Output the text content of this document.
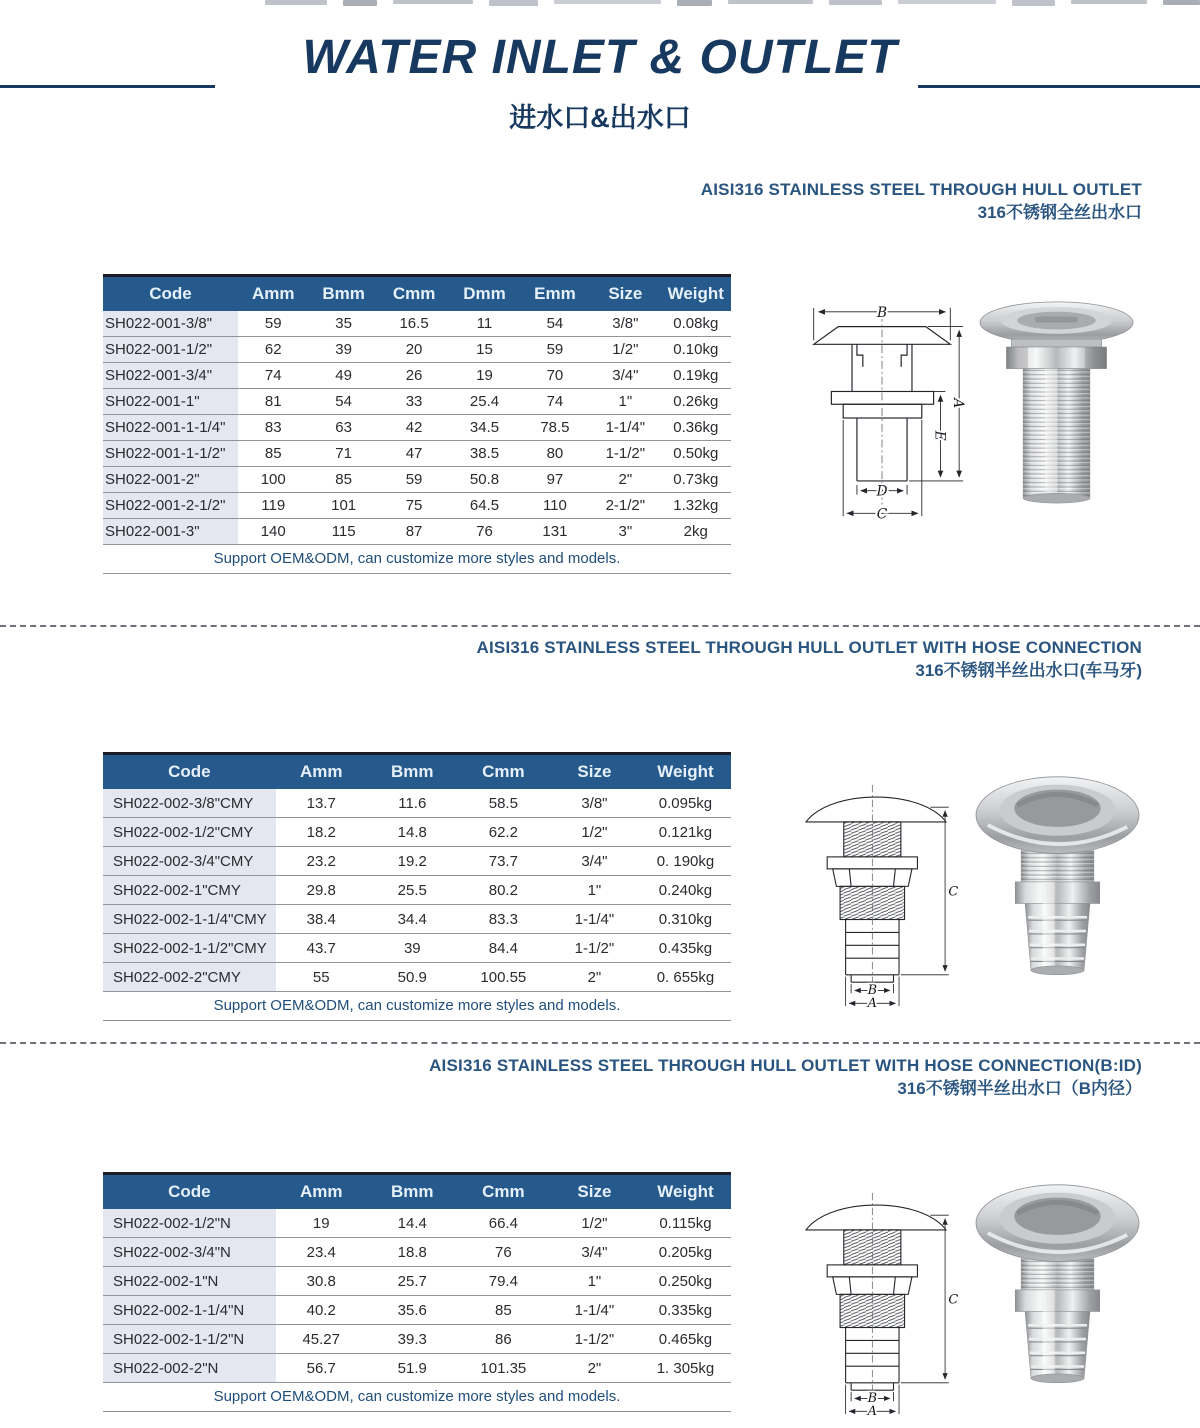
WATER INLET & OUTLET
进水口&出水口
AISI316 STAINLESS STEEL THROUGH HULL OUTLET
316不锈钢全丝出水口
Code	Amm	Bmm	Cmm	Dmm	Emm	Size	Weight
SH022-001-3/8"	59	35	16.5	11	54	3/8"	0.08kg
SH022-001-1/2"	62	39	20	15	59	1/2"	0.10kg
SH022-001-3/4"	74	49	26	19	70	3/4"	0.19kg
SH022-001-1"	81	54	33	25.4	74	1"	0.26kg
SH022-001-1-1/4"	83	63	42	34.5	78.5	1-1/4"	0.36kg
SH022-001-1-1/2"	85	71	47	38.5	80	1-1/2"	0.50kg
SH022-001-2"	100	85	59	50.8	97	2"	0.73kg
SH022-001-2-1/2"	119	101	75	64.5	110	2-1/2"	1.32kg
SH022-001-3"	140	115	87	76	131	3"	2kg
Support OEM&ODM, can customize more styles and models.							
B
A
E
D
C
AISI316 STAINLESS STEEL THROUGH HULL OUTLET WITH HOSE CONNECTION
316不锈钢半丝出水口(车马牙)
Code	Amm	Bmm	Cmm	Size	Weight
SH022-002-3/8"CMY	13.7	11.6	58.5	3/8"	0.095kg
SH022-002-1/2"CMY	18.2	14.8	62.2	1/2"	0.121kg
SH022-002-3/4"CMY	23.2	19.2	73.7	3/4"	0. 190kg
SH022-002-1"CMY	29.8	25.5	80.2	1"	0.240kg
SH022-002-1-1/4"CMY	38.4	34.4	83.3	1-1/4"	0.310kg
SH022-002-1-1/2"CMY	43.7	39	84.4	1-1/2"	0.435kg
SH022-002-2"CMY	55	50.9	100.55	2"	0. 655kg
Support OEM&ODM, can customize more styles and models.					
C
B
A
AISI316 STAINLESS STEEL THROUGH HULL OUTLET WITH HOSE CONNECTION(B:ID)
316不锈钢半丝出水口（B内径）
Code	Amm	Bmm	Cmm	Size	Weight
SH022-002-1/2"N	19	14.4	66.4	1/2"	0.115kg
SH022-002-3/4"N	23.4	18.8	76	3/4"	0.205kg
SH022-002-1"N	30.8	25.7	79.4	1"	0.250kg
SH022-002-1-1/4"N	40.2	35.6	85	1-1/4"	0.335kg
SH022-002-1-1/2"N	45.27	39.3	86	1-1/2"	0.465kg
SH022-002-2"N	56.7	51.9	101.35	2"	1. 305kg
Support OEM&ODM, can customize more styles and models.					
C
B
A
